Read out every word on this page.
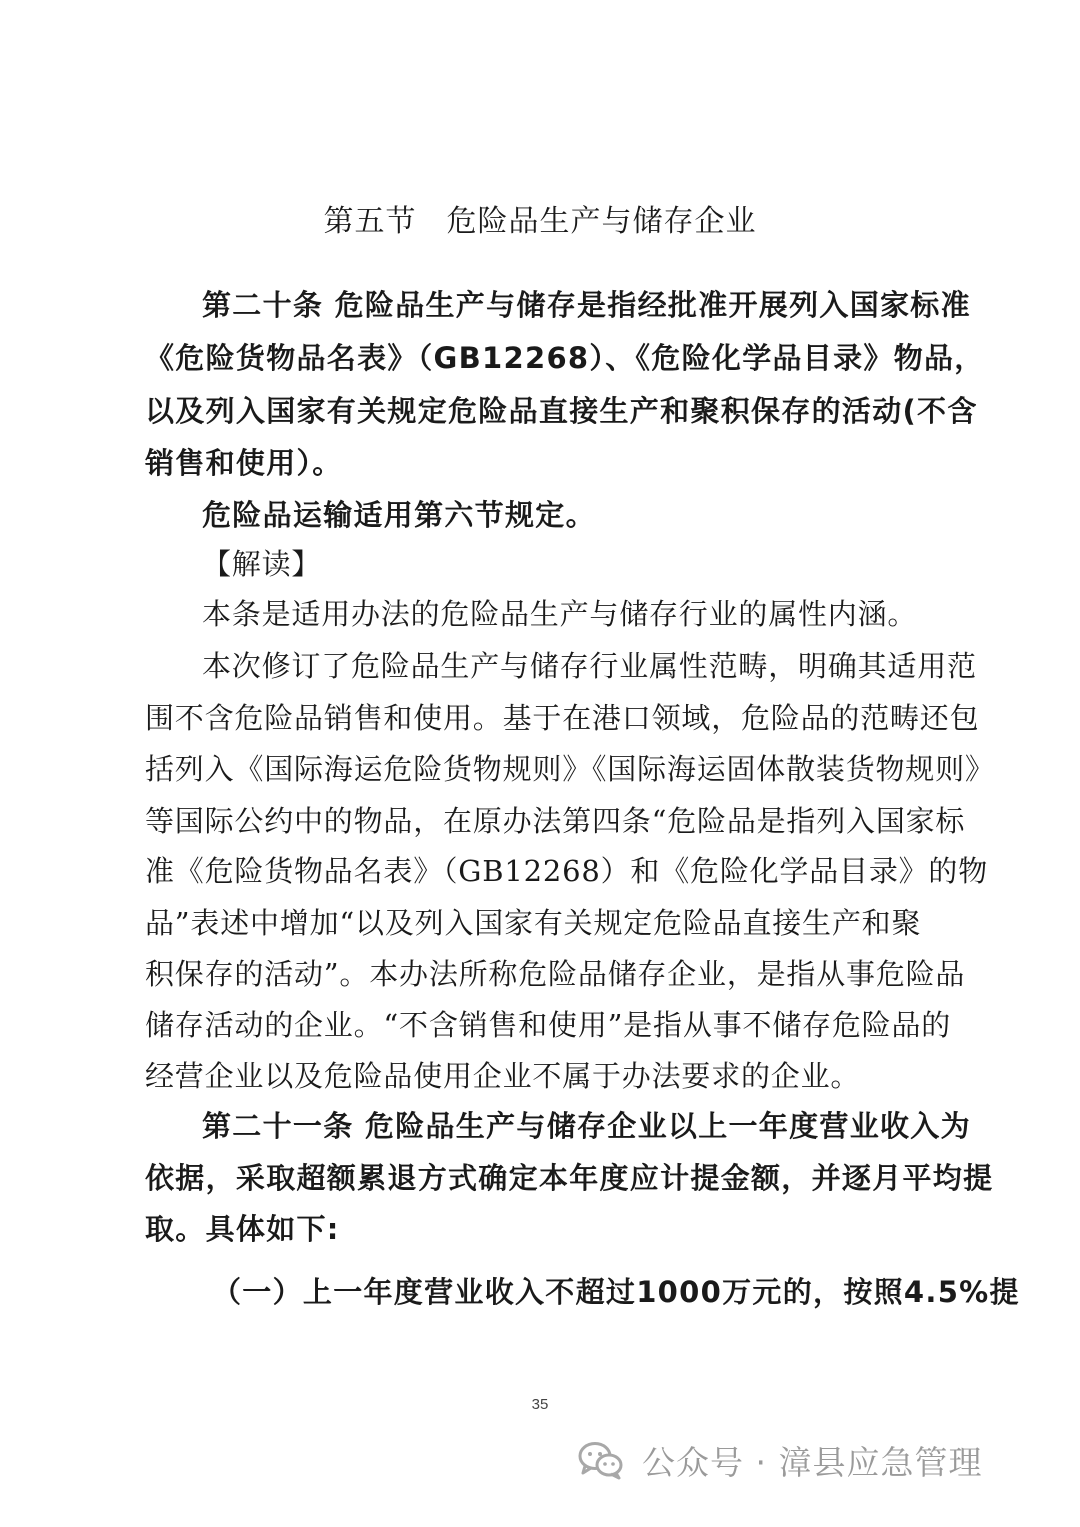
第五节 危险品生产与储存企业
第二十条 危险品生产与储存是指经批准开展列入国家标准
《危险货物品名表》（GB12268）、《危险化学品目录》物品，
以及列入国家有关规定危险品直接生产和聚积保存的活动(不含
销售和使用）。
危险品运输适用第六节规定。
【解读】
本条是适用办法的危险品生产与储存行业的属性内涵。
本次修订了危险品生产与储存行业属性范畴，明确其适用范
围不含危险品销售和使用。基于在港口领域，危险品的范畴还包
括列入《国际海运危险货物规则》《国际海运固体散装货物规则》
等国际公约中的物品，在原办法第四条“危险品是指列入国家标
准《危险货物品名表》（GB12268）和《危险化学品目录》的物
品”表述中增加“以及列入国家有关规定危险品直接生产和聚
积保存的活动”。本办法所称危险品储存企业，是指从事危险品
储存活动的企业。“不含销售和使用”是指从事不储存危险品的
经营企业以及危险品使用企业不属于办法要求的企业。
第二十一条 危险品生产与储存企业以上一年度营业收入为
依据，采取超额累退方式确定本年度应计提金额，并逐月平均提
取。具体如下:
（一）上一年度营业收入不超过1000万元的，按照4.5%提
35
公众号 · 漳县应急管理
